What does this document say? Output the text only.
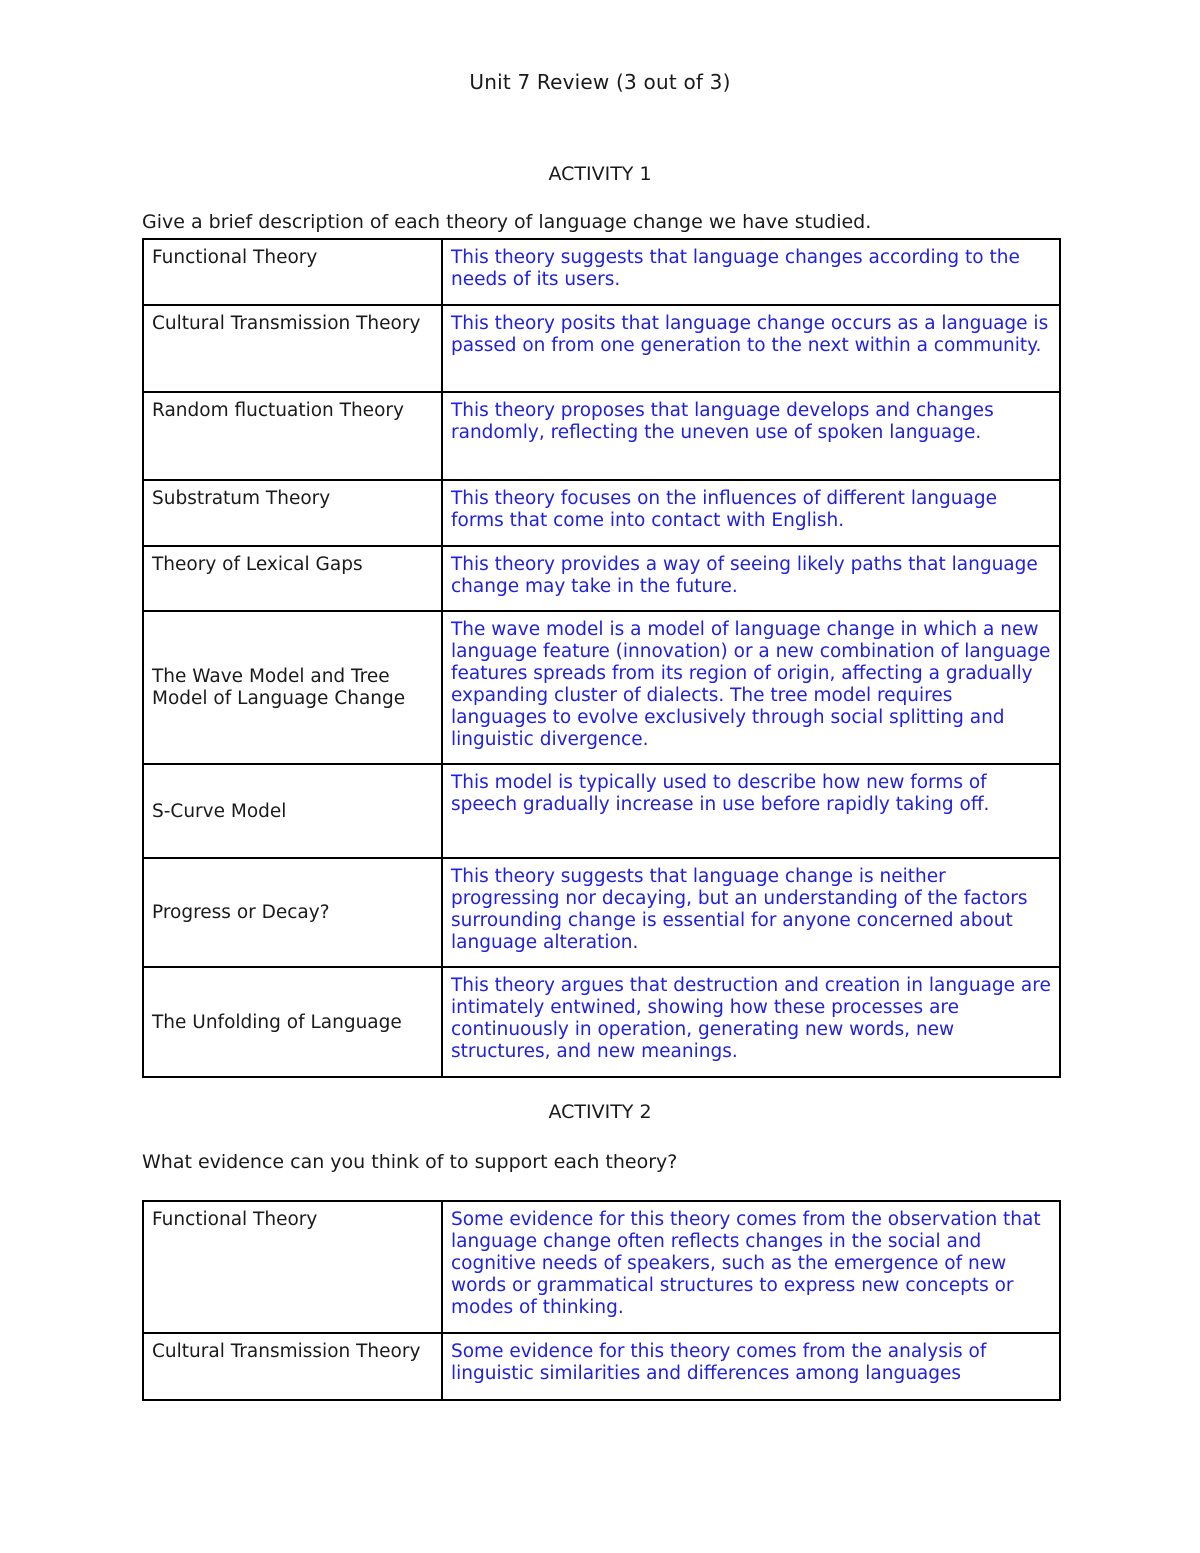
Unit 7 Review (3 out of 3)
ACTIVITY 1
Give a brief description of each theory of language change we have studied.
Functional Theory	This theory suggests that language changes according to the needs of its users.
Cultural Transmission Theory	This theory posits that language change occurs as a language is passed on from one generation to the next within a community.
Random fluctuation Theory	This theory proposes that language develops and changes randomly, reflecting the uneven use of spoken language.
Substratum Theory	This theory focuses on the influences of different language forms that come into contact with English.
Theory of Lexical Gaps	This theory provides a way of seeing likely paths that language change may take in the future.
The Wave Model and Tree Model of Language Change	The wave model is a model of language change in which a new language feature (innovation) or a new combination of language features spreads from its region of origin, affecting a gradually expanding cluster of dialects. The tree model requires languages to evolve exclusively through social splitting and linguistic divergence.
S-Curve Model	This model is typically used to describe how new forms of speech gradually increase in use before rapidly taking off.
Progress or Decay?	This theory suggests that language change is neither progressing nor decaying, but an understanding of the factors surrounding change is essential for anyone concerned about language alteration.
The Unfolding of Language	This theory argues that destruction and creation in language are intimately entwined, showing how these processes are continuously in operation, generating new words, new structures, and new meanings.
ACTIVITY 2
What evidence can you think of to support each theory?
Functional Theory	Some evidence for this theory comes from the observation that language change often reflects changes in the social and cognitive needs of speakers, such as the emergence of new words or grammatical structures to express new concepts or modes of thinking.
Cultural Transmission Theory	Some evidence for this theory comes from the analysis of linguistic similarities and differences among languages
